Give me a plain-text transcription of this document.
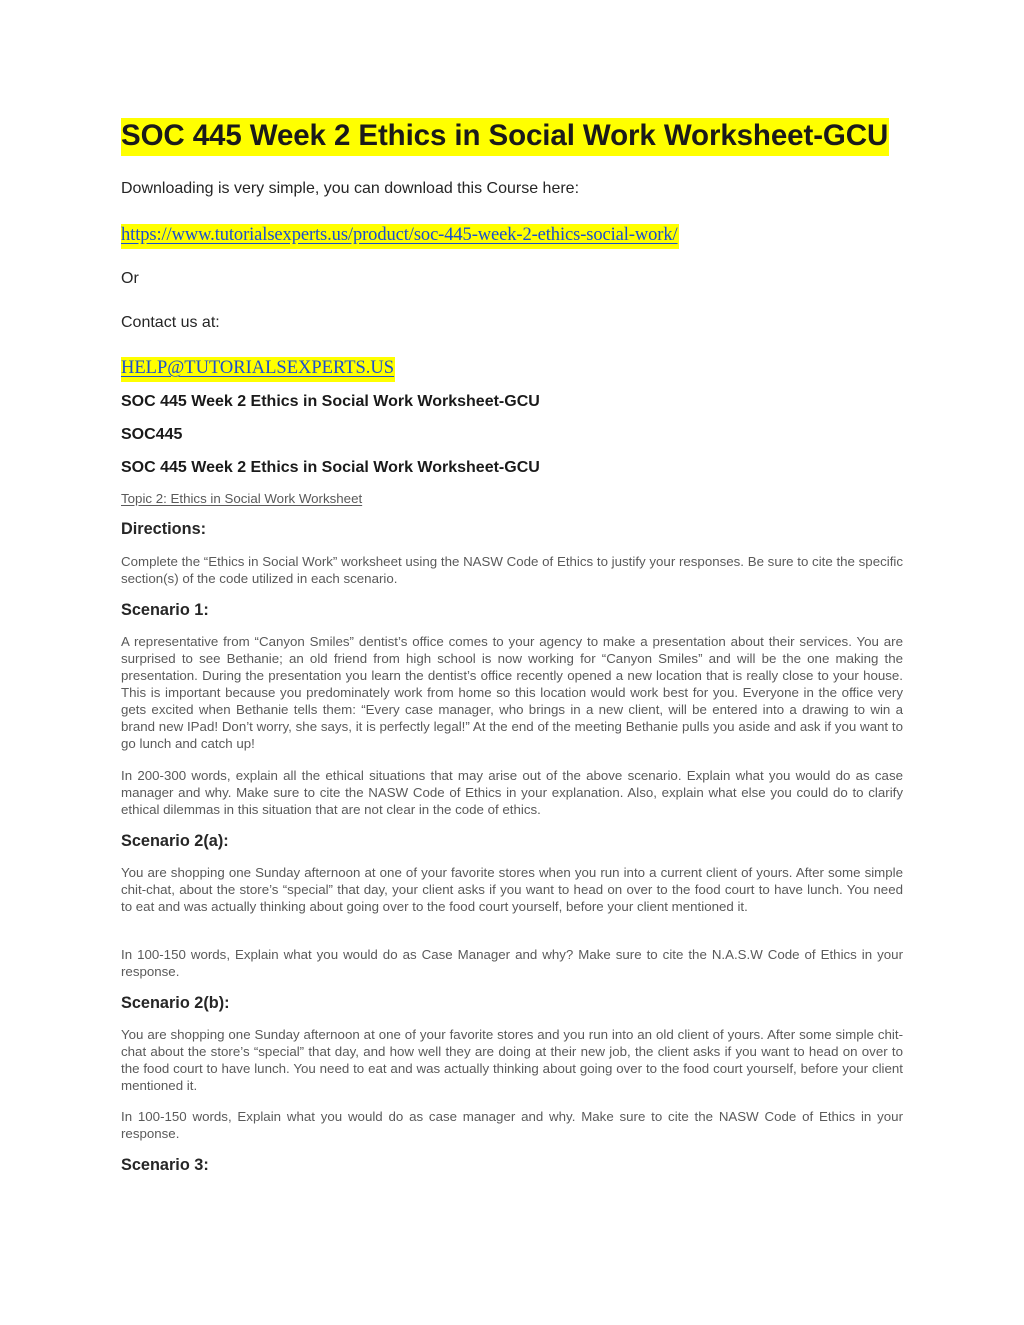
SOC 445 Week 2 Ethics in Social Work Worksheet-GCU
Downloading is very simple, you can download this Course here:
https://www.tutorialsexperts.us/product/soc-445-week-2-ethics-social-work/
Or
Contact us at:
HELP@TUTORIALSEXPERTS.US
SOC 445 Week 2 Ethics in Social Work Worksheet-GCU
SOC445
SOC 445 Week 2 Ethics in Social Work Worksheet-GCU
Topic 2: Ethics in Social Work Worksheet
Directions:

Complete the “Ethics in Social Work” worksheet using the NASW Code of Ethics to justify your responses. Be sure to cite the specific section(s) of the code utilized in each scenario.

Scenario 1:

A representative from “Canyon Smiles” dentist’s office comes to your agency to make a presentation about their services. You are surprised to see Bethanie; an old friend from high school is now working for “Canyon Smiles” and will be the one making the presentation. During the presentation you learn the dentist’s office recently opened a new location that is really close to your house. This is important because you predominately work from home so this location would work best for you. Everyone in the office very gets excited when Bethanie tells them: “Every case manager, who brings in a new client, will be entered into a drawing to win a brand new IPad! Don’t worry, she says, it is perfectly legal!” At the end of the meeting Bethanie pulls you aside and ask if you want to go lunch and catch up!

In 200-300 words, explain all the ethical situations that may arise out of the above scenario. Explain what you would do as case manager and why. Make sure to cite the NASW Code of Ethics in your explanation. Also, explain what else you could do to clarify ethical dilemmas in this situation that are not clear in the code of ethics.

Scenario 2(a):

You are shopping one Sunday afternoon at one of your favorite stores when you run into a current client of yours. After some simple chit-chat, about the store’s “special” that day, your client asks if you want to head on over to the food court to have lunch. You need to eat and was actually thinking about going over to the food court yourself, before your client mentioned it.

In 100-150 words, Explain what you would do as Case Manager and why? Make sure to cite the N.A.S.W Code of Ethics in your response.

Scenario 2(b):

You are shopping one Sunday afternoon at one of your favorite stores and you run into an old client of yours. After some simple chit-chat about the store’s “special” that day, and how well they are doing at their new job, the client asks if you want to head on over to the food court to have lunch. You need to eat and was actually thinking about going over to the food court yourself, before your client mentioned it.

In 100-150 words, Explain what you would do as case manager and why. Make sure to cite the NASW Code of Ethics in your response.

Scenario 3:
